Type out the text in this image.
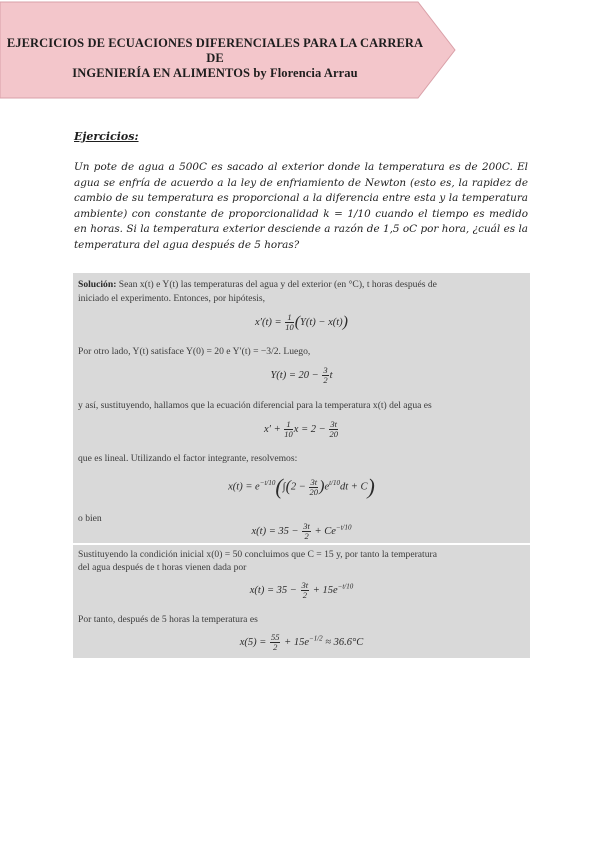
EJERCICIOS DE ECUACIONES DIFERENCIALES PARA LA CARRERA DE
INGENIERÍA EN ALIMENTOS by Florencia Arrau
Ejercicios:
Un pote de agua a 500C es sacado al exterior donde la temperatura es de 200C. El agua se enfría de acuerdo a la ley de enfriamiento de Newton (esto es, la rapidez de cambio de su temperatura es proporcional a la diferencia entre esta y la temperatura ambiente) con constante de proporcionalidad k = 1/10 cuando el tiempo es medido en horas. Si la temperatura exterior desciende a razón de 1,5 oC por hora, ¿cuál es la temperatura del agua después de 5 horas?
Solución: Sean x(t) e Y(t) las temperaturas del agua y del exterior (en °C), t horas después de
iniciado el experimento. Entonces, por hipótesis,
$x'(t) = \frac{1}{10} (Y(t) - x(t))$
Por otro lado, Y(t) satisface Y(0) = 20 e Y′(t) = −3/2. Luego,
$Y(t) = 20 - \frac{3}{2}$ t
y así, sustituyendo, hallamos que la ecuación diferencial para la temperatura x(t) del agua es
$x' + \frac{1}{10}$ $x = 2 - \frac{3t}{20}$
que es lineal. Utilizando el factor integrante, resolvemos:
$x(t) = e^{-t/10}(\int(2 - \frac{3t}{20} )e^{t/10}dt + C)$
o bien
$x(t) = 35 - \frac{3t}{2} + Ce^{-t/10}$
Sustituyendo la condición inicial x(0) = 50 concluimos que C = 15 y, por tanto la temperatura
del agua después de t horas vienen dada por
$x(t) = 35 - \frac{3t}{2} + 15e^{-t/10}$
Por tanto, después de 5 horas la temperatura es
$x(5) = \frac{55}{2} + 15e^{-1/2} \approx 36.6^\circ C$
